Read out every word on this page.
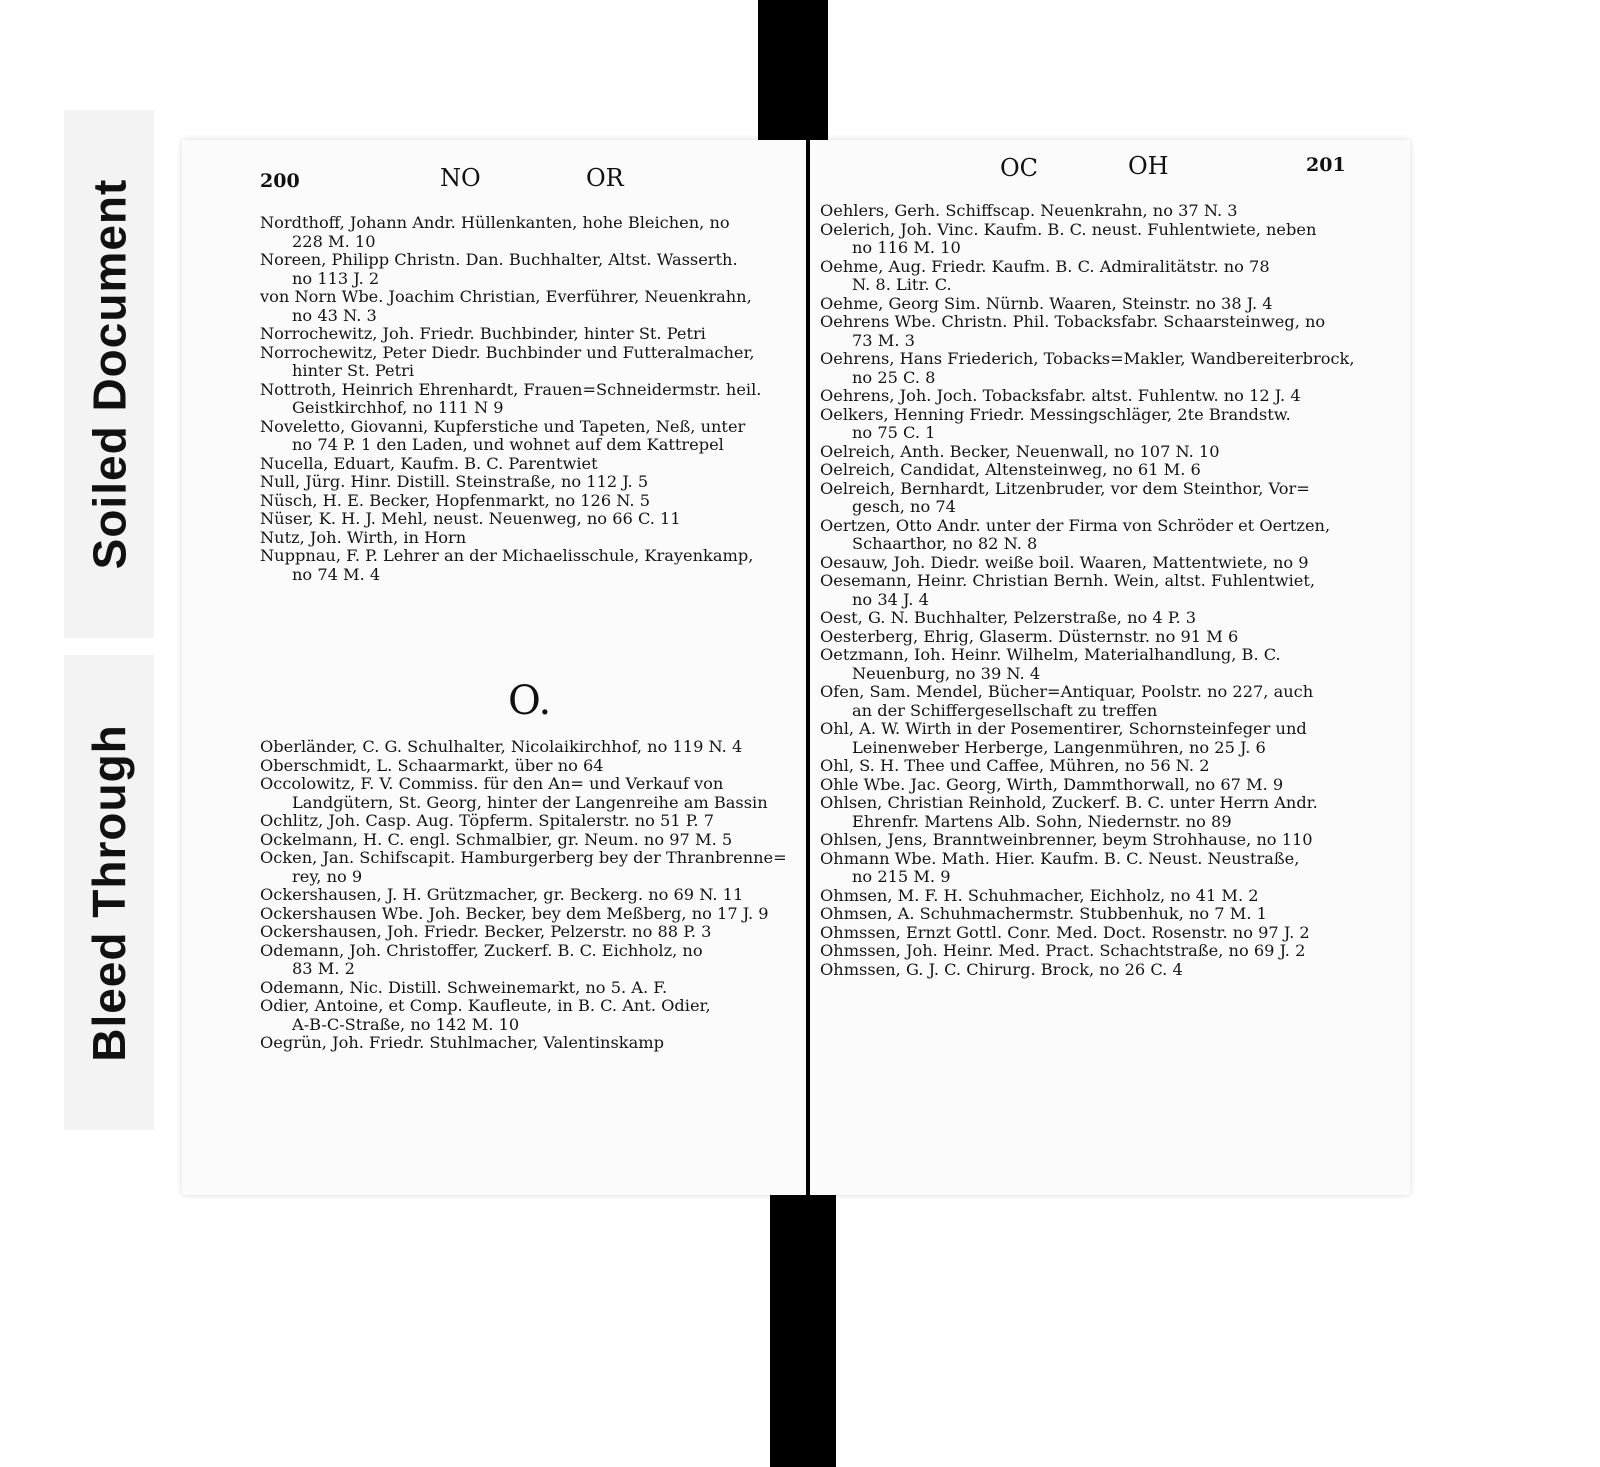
Soiled Document
Bleed Through
200	NO	OR
Nordthoff, Johann Andr. Hüllenkanten, hohe Bleichen, no
228 M. 10
Noreen, Philipp Christn. Dan. Buchhalter, Altst. Wasserth.
no 113 J. 2
von Norn Wbe. Joachim Christian, Everführer, Neuenkrahn,
no 43 N. 3
Norrochewitz, Joh. Friedr. Buchbinder, hinter St. Petri
Norrochewitz, Peter Diedr. Buchbinder und Futteralmacher,
hinter St. Petri
Nottroth, Heinrich Ehrenhardt, Frauen=Schneidermstr. heil.
Geistkirchhof, no 111 N 9
Noveletto, Giovanni, Kupferstiche und Tapeten, Neß, unter
no 74 P. 1 den Laden, und wohnet auf dem Kattrepel
Nucella, Eduart, Kaufm. B. C. Parentwiet
Null, Jürg. Hinr. Distill. Steinstraße, no 112 J. 5
Nüsch, H. E. Becker, Hopfenmarkt, no 126 N. 5
Nüser, K. H. J. Mehl, neust. Neuenweg, no 66 C. 11
Nutz, Joh. Wirth, in Horn
Nuppnau, F. P. Lehrer an der Michaelisschule, Krayenkamp,
no 74 M. 4
O.
Oberländer, C. G. Schulhalter, Nicolaikirchhof, no 119 N. 4
Oberschmidt, L. Schaarmarkt, über no 64
Occolowitz, F. V. Commiss. für den An= und Verkauf von
Landgütern, St. Georg, hinter der Langenreihe am Bassin
Ochlitz, Joh. Casp. Aug. Töpferm. Spitalerstr. no 51 P. 7
Ockelmann, H. C. engl. Schmalbier, gr. Neum. no 97 M. 5
Ocken, Jan. Schifscapit. Hamburgerberg bey der Thranbrenne=
rey, no 9
Ockershausen, J. H. Grützmacher, gr. Beckerg. no 69 N. 11
Ockershausen Wbe. Joh. Becker, bey dem Meßberg, no 17 J. 9
Ockershausen, Joh. Friedr. Becker, Pelzerstr. no 88 P. 3
Odemann, Joh. Christoffer, Zuckerf. B. C. Eichholz, no
83 M. 2
Odemann, Nic. Distill. Schweinemarkt, no 5. A. F.
Odier, Antoine, et Comp. Kaufleute, in B. C. Ant. Odier,
A-B-C-Straße, no 142 M. 10
Oegrün, Joh. Friedr. Stuhlmacher, Valentinskamp
OC	OH	201
Oehlers, Gerh. Schiffscap. Neuenkrahn, no 37 N. 3
Oelerich, Joh. Vinc. Kaufm. B. C. neust. Fuhlentwiete, neben
no 116 M. 10
Oehme, Aug. Friedr. Kaufm. B. C. Admiralitätstr. no 78
N. 8. Litr. C.
Oehme, Georg Sim. Nürnb. Waaren, Steinstr. no 38 J. 4
Oehrens Wbe. Christn. Phil. Tobacksfabr. Schaarsteinweg, no
73 M. 3
Oehrens, Hans Friederich, Tobacks=Makler, Wandbereiterbrock,
no 25 C. 8
Oehrens, Joh. Joch. Tobacksfabr. altst. Fuhlentw. no 12 J. 4
Oelkers, Henning Friedr. Messingschläger, 2te Brandstw.
no 75 C. 1
Oelreich, Anth. Becker, Neuenwall, no 107 N. 10
Oelreich, Candidat, Altensteinweg, no 61 M. 6
Oelreich, Bernhardt, Litzenbruder, vor dem Steinthor, Vor=
gesch, no 74
Oertzen, Otto Andr. unter der Firma von Schröder et Oertzen,
Schaarthor, no 82 N. 8
Oesauw, Joh. Diedr. weiße boil. Waaren, Mattentwiete, no 9
Oesemann, Heinr. Christian Bernh. Wein, altst. Fuhlentwiet,
no 34 J. 4
Oest, G. N. Buchhalter, Pelzerstraße, no 4 P. 3
Oesterberg, Ehrig, Glaserm. Düsternstr. no 91 M 6
Oetzmann, Ioh. Heinr. Wilhelm, Materialhandlung, B. C.
Neuenburg, no 39 N. 4
Ofen, Sam. Mendel, Bücher=Antiquar, Poolstr. no 227, auch
an der Schiffergesellschaft zu treffen
Ohl, A. W. Wirth in der Posementirer, Schornsteinfeger und
Leinenweber Herberge, Langenmühren, no 25 J. 6
Ohl, S. H. Thee und Caffee, Mühren, no 56 N. 2
Ohle Wbe. Jac. Georg, Wirth, Dammthorwall, no 67 M. 9
Ohlsen, Christian Reinhold, Zuckerf. B. C. unter Herrn Andr.
Ehrenfr. Martens Alb. Sohn, Niedernstr. no 89
Ohlsen, Jens, Branntweinbrenner, beym Strohhause, no 110
Ohmann Wbe. Math. Hier. Kaufm. B. C. Neust. Neustraße,
no 215 M. 9
Ohmsen, M. F. H. Schuhmacher, Eichholz, no 41 M. 2
Ohmsen, A. Schuhmachermstr. Stubbenhuk, no 7 M. 1
Ohmssen, Ernzt Gottl. Conr. Med. Doct. Rosenstr. no 97 J. 2
Ohmssen, Joh. Heinr. Med. Pract. Schachtstraße, no 69 J. 2
Ohmssen, G. J. C. Chirurg. Brock, no 26 C. 4
